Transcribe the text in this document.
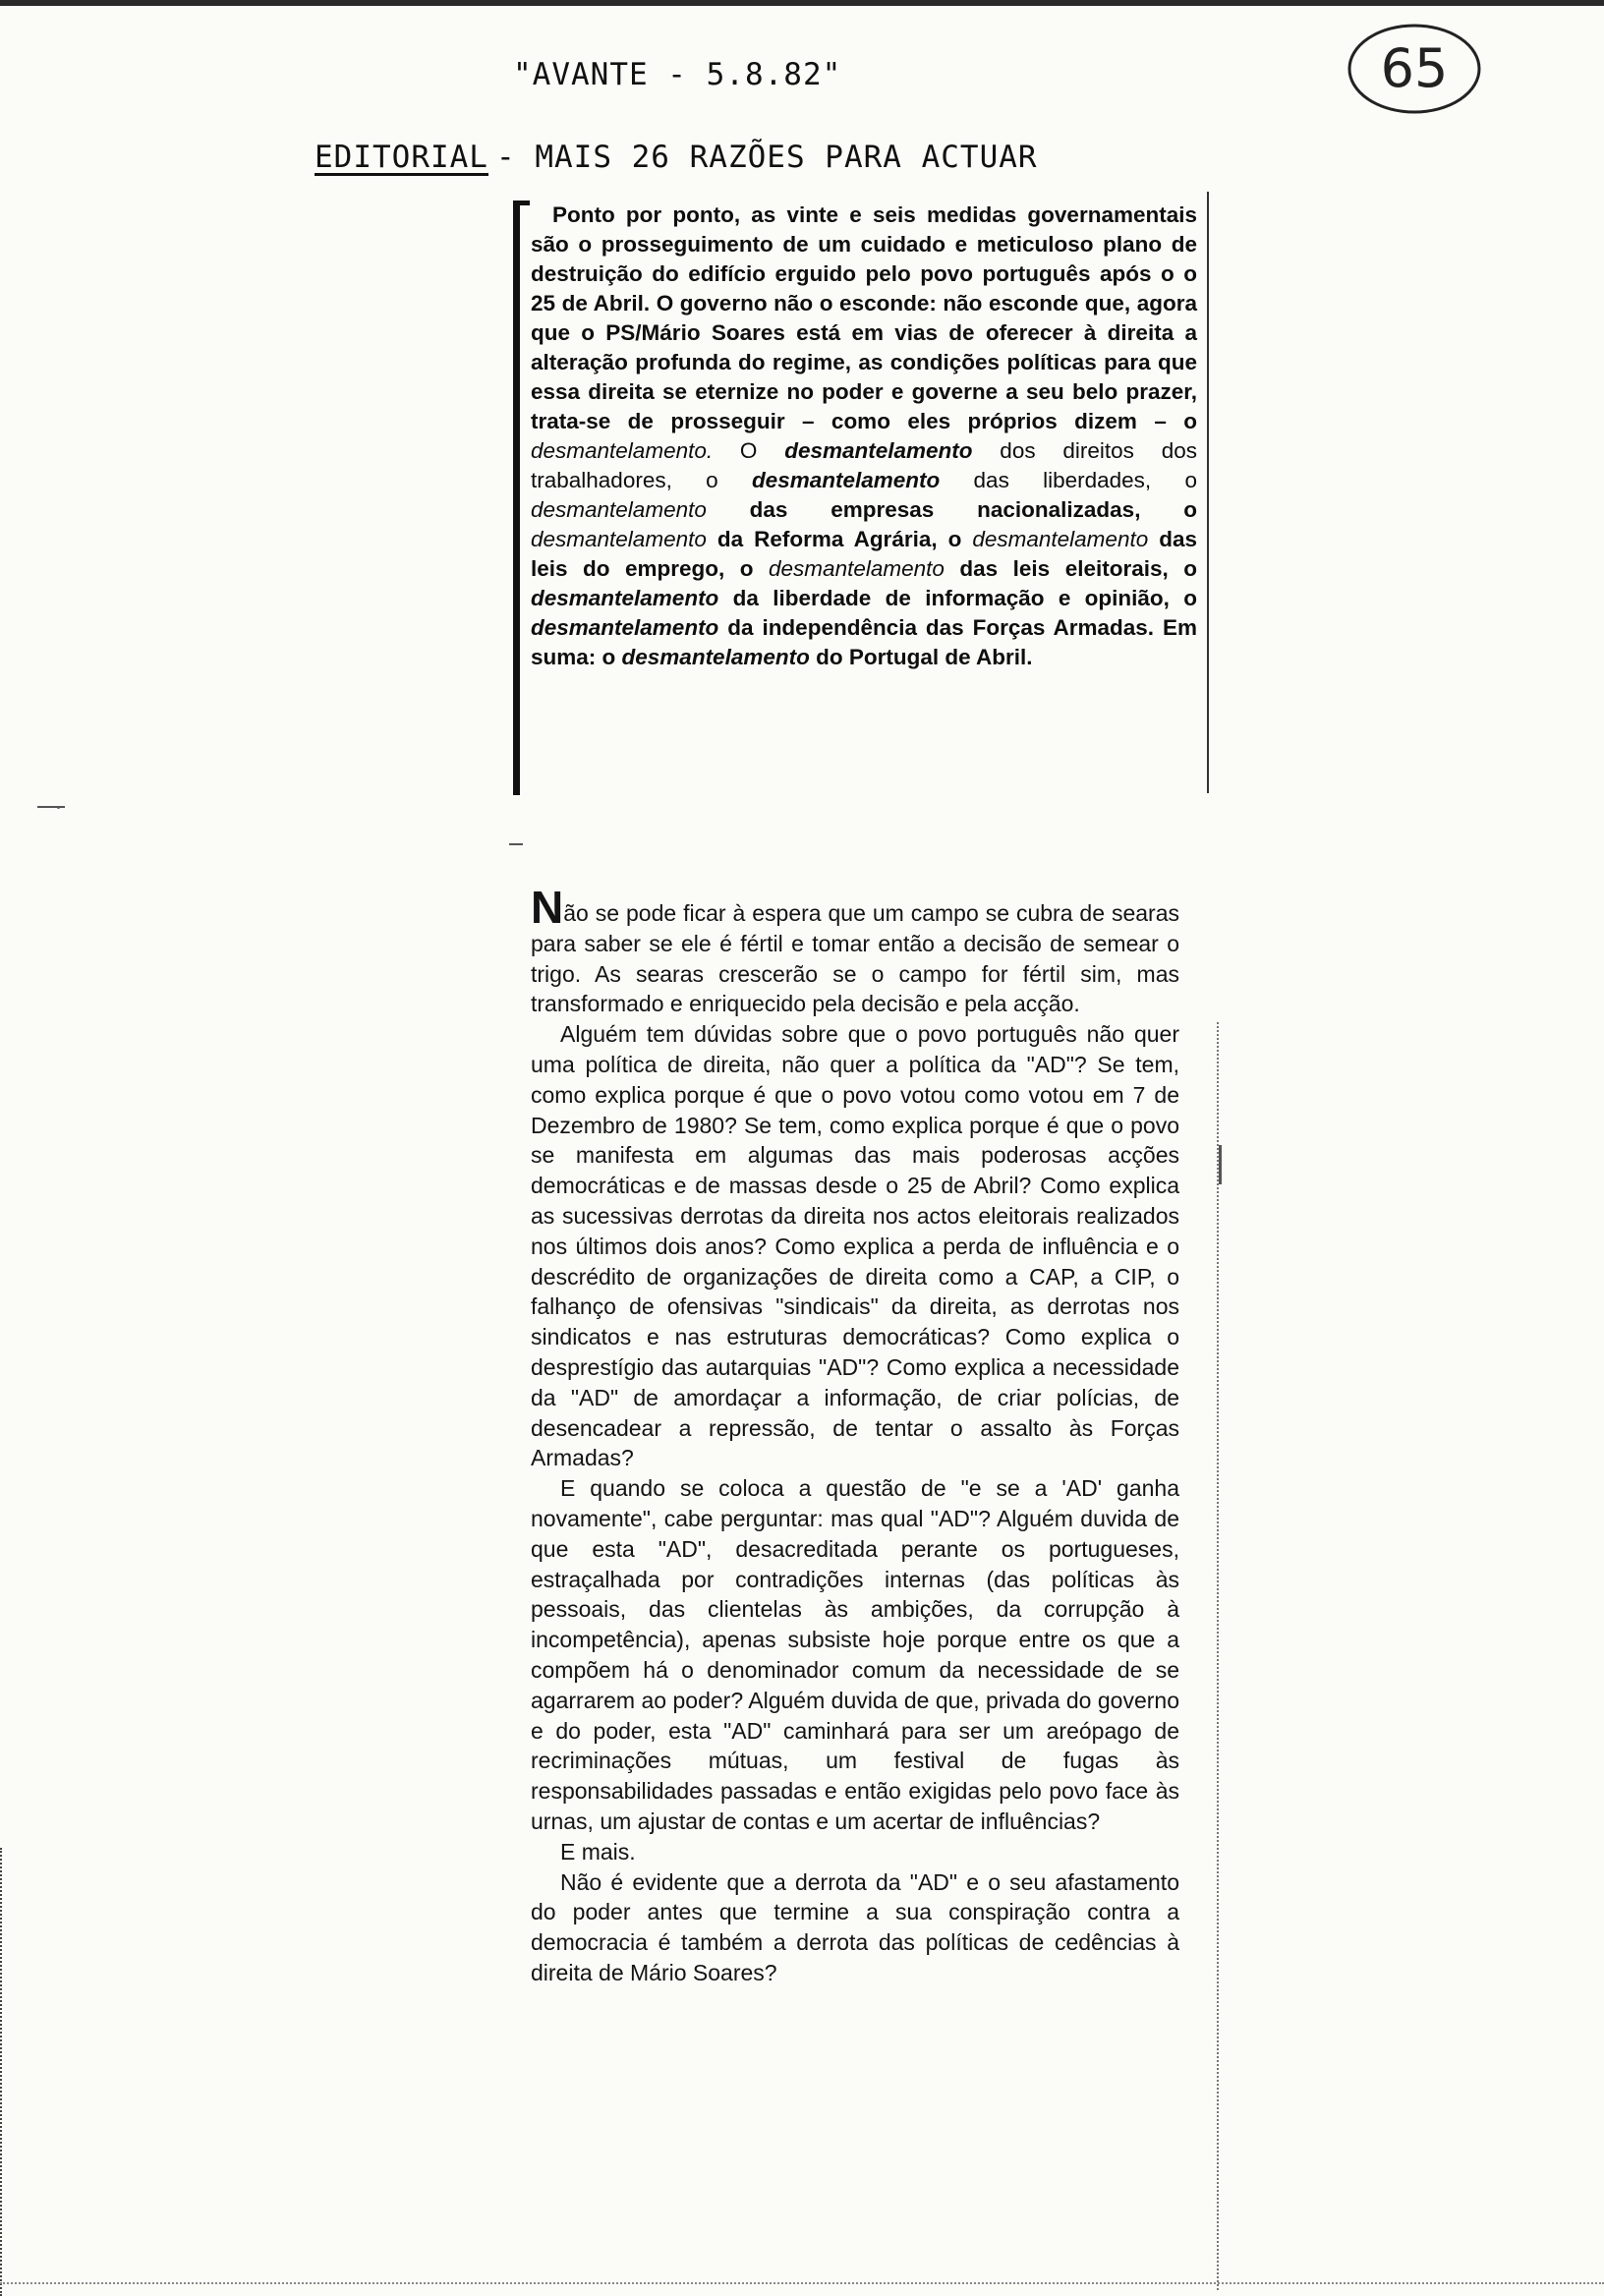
"AVANTE - 5.8.82"
EDITORIAL - MAIS 26 RAZÕES PARA ACTUAR
65

Ponto por ponto, as vinte e seis medidas governamentais são o prosseguimento de um cuidado e meticuloso plano de destruição do edifício erguido pelo povo português após o o 25 de Abril. O governo não o esconde: não esconde que, agora que o PS/Mário Soares está em vias de oferecer à direita a alteração profunda do regime, as condições políticas para que essa direita se eternize no poder e governe a seu belo prazer, trata-se de prosseguir – como eles próprios dizem – o desmantelamento. O desmantelamento dos direitos dos trabalhadores, o desmantelamento das liberdades, o desmantelamento das empresas nacionalizadas, o desmantelamento da Reforma Agrária, o desmantelamento das leis do emprego, o desmantelamento das leis eleitorais, o desmantelamento da liberdade de informação e opinião, o desmantelamento da independência das Forças Armadas. Em suma: o desmantelamento do Portugal de Abril.

Não se pode ficar à espera que um campo se cubra de searas para saber se ele é fértil e tomar então a decisão de semear o trigo. As searas crescerão se o campo for fértil sim, mas transformado e enriquecido pela decisão e pela acção.

Alguém tem dúvidas sobre que o povo português não quer uma política de direita, não quer a política da "AD"? Se tem, como explica porque é que o povo votou como votou em 7 de Dezembro de 1980? Se tem, como explica porque é que o povo se manifesta em algumas das mais poderosas acções democráticas e de massas desde o 25 de Abril? Como explica as sucessivas derrotas da direita nos actos eleitorais realizados nos últimos dois anos? Como explica a perda de influência e o descrédito de organizações de direita como a CAP, a CIP, o falhanço de ofensivas "sindicais" da direita, as derrotas nos sindicatos e nas estruturas democráticas? Como explica o desprestígio das autarquias "AD"? Como explica a necessidade da "AD" de amordaçar a informação, de criar polícias, de desencadear a repressão, de tentar o assalto às Forças Armadas?

E quando se coloca a questão de "e se a 'AD' ganha novamente", cabe perguntar: mas qual "AD"? Alguém duvida de que esta "AD", desacreditada perante os portugueses, estraçalhada por contradições internas (das políticas às pessoais, das clientelas às ambições, da corrupção à incompetência), apenas subsiste hoje porque entre os que a compõem há o denominador comum da necessidade de se agarrarem ao poder? Alguém duvida de que, privada do governo e do poder, esta "AD" caminhará para ser um areópago de recriminações mútuas, um festival de fugas às responsabilidades passadas e então exigidas pelo povo face às urnas, um ajustar de contas e um acertar de influências?

E mais.

Não é evidente que a derrota da "AD" e o seu afastamento do poder antes que termine a sua conspiração contra a democracia é também a derrota das políticas de cedências à direita de Mário Soares?
